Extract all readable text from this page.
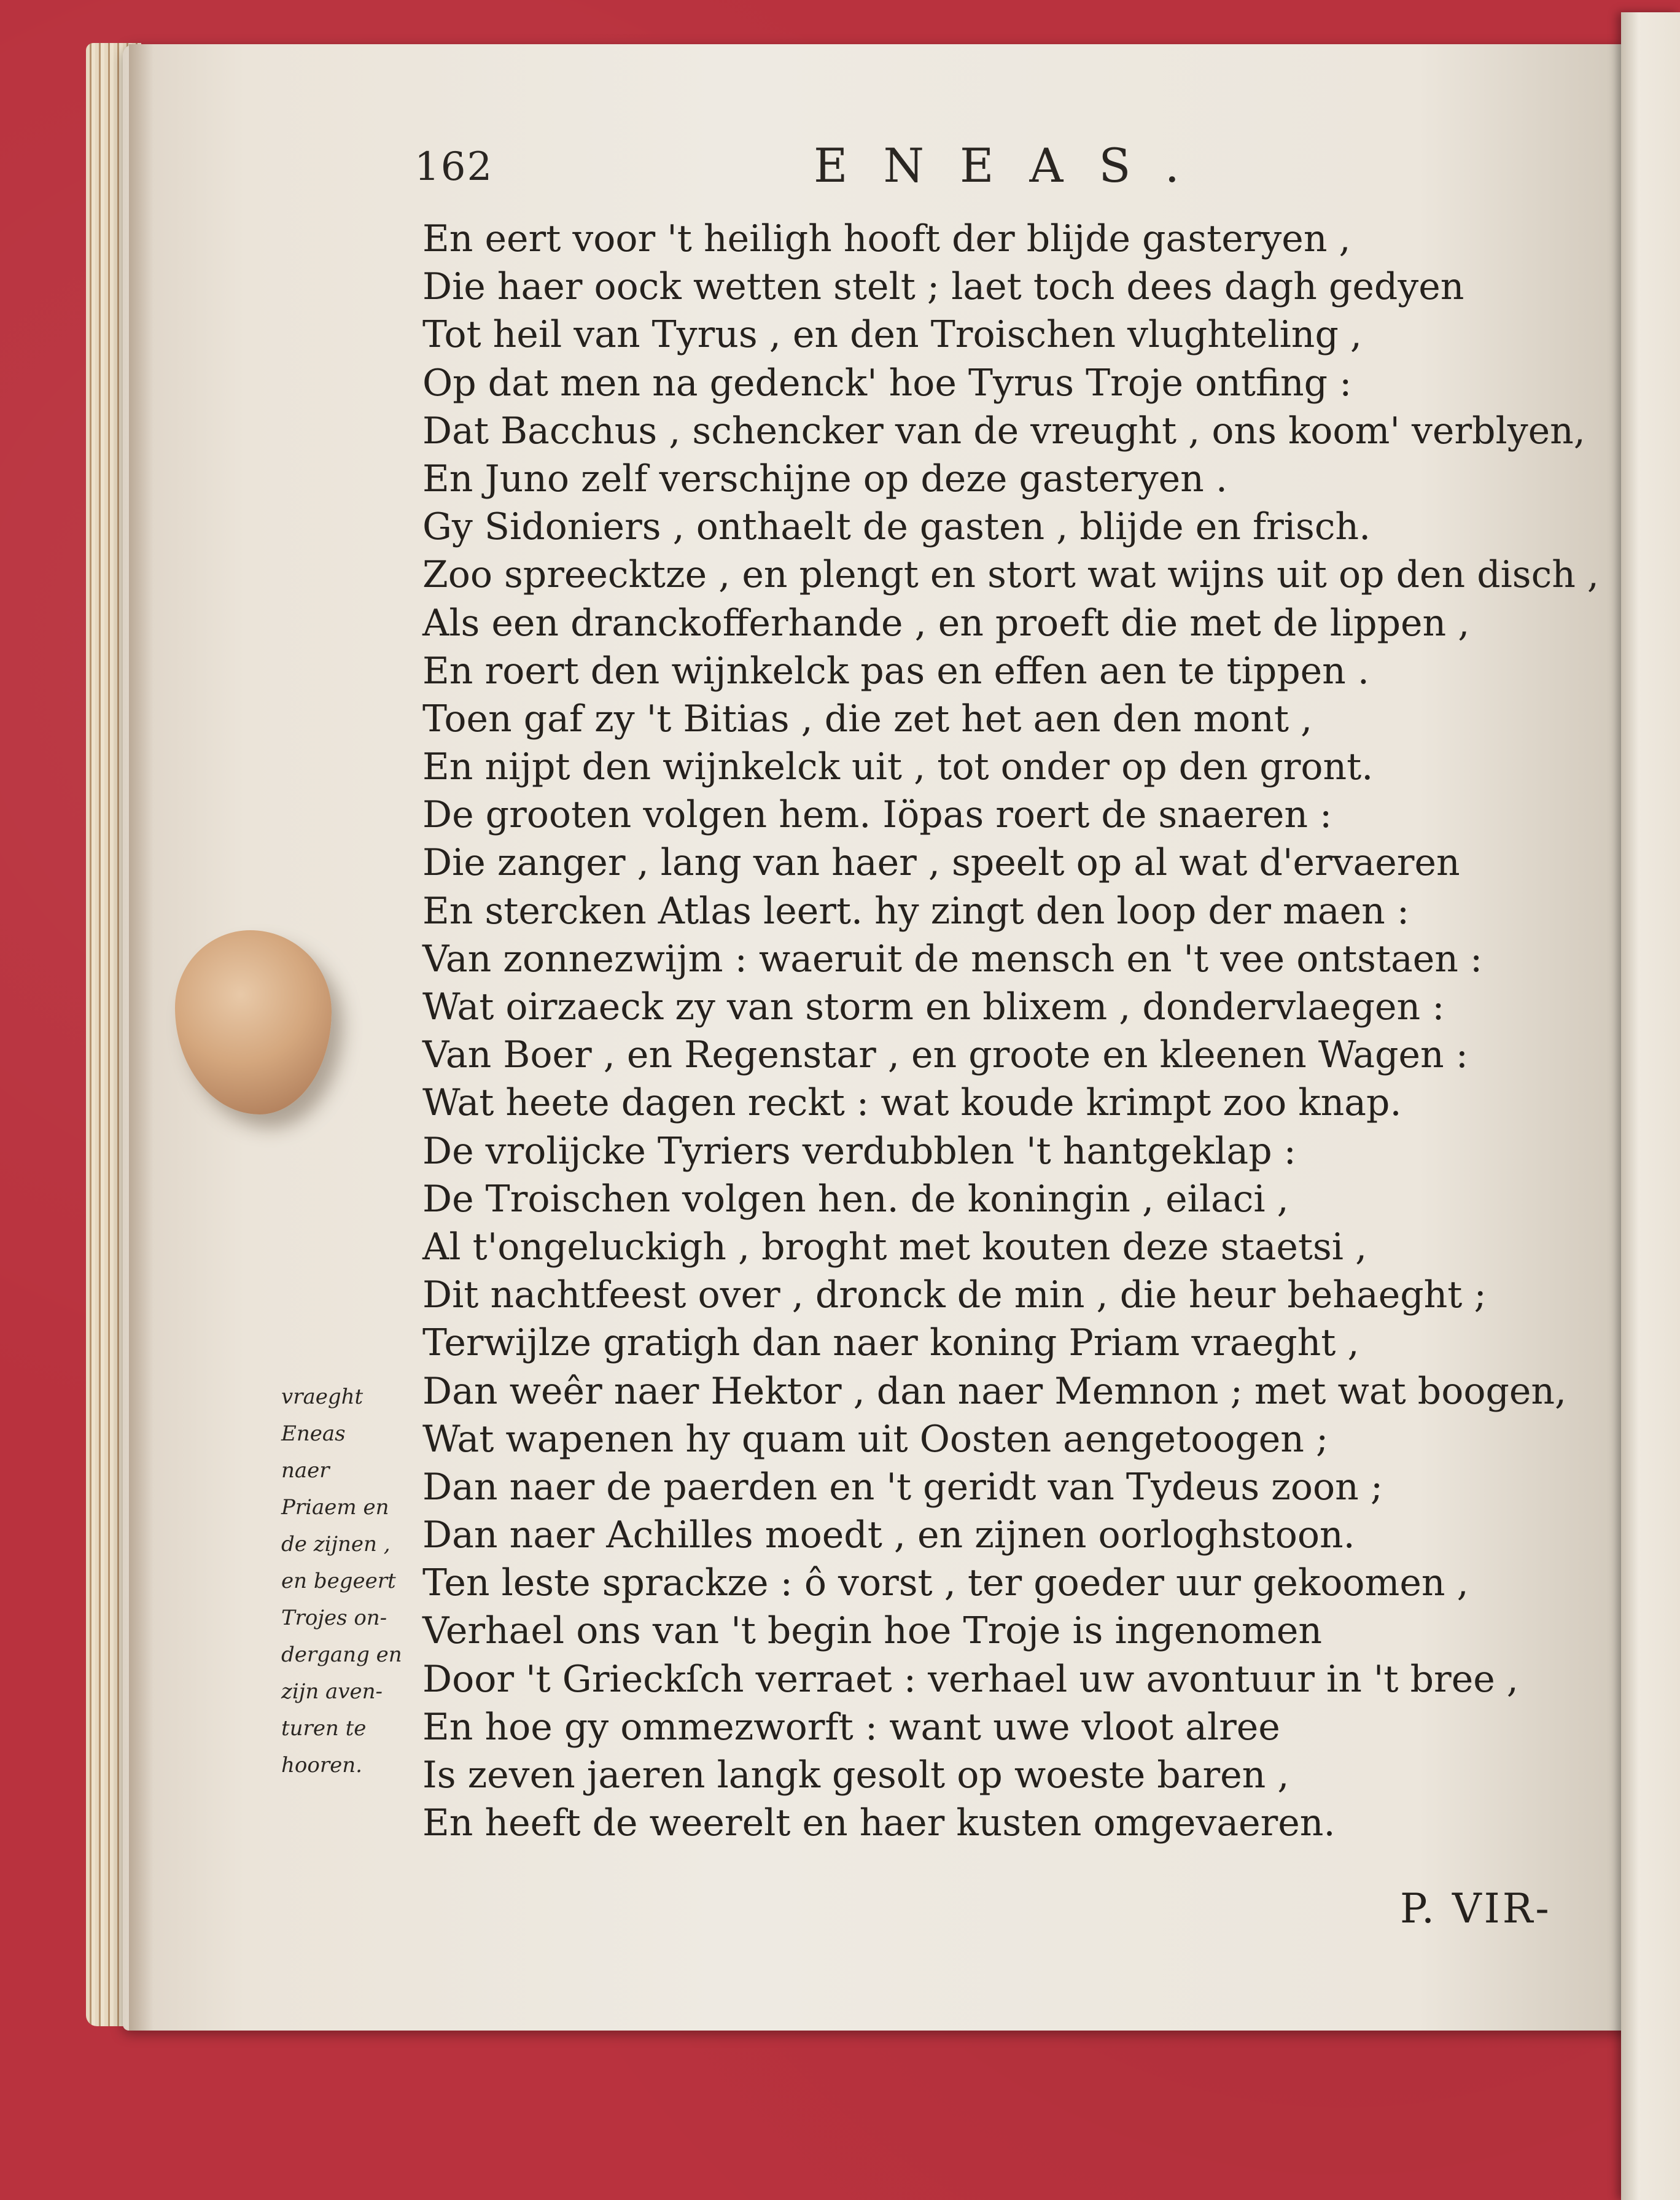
162	ENEAS.
En eert voor 't heiligh hooft der blijde gasteryen ,
Die haer oock wetten stelt ; laet toch dees dagh gedyen
Tot heil van Tyrus , en den Troischen vlughteling ,
Op dat men na gedenck' hoe Tyrus Troje ontfing :
Dat Bacchus , schencker van de vreught , ons koom' verblyen,
En Juno zelf verschijne op deze gasteryen .
Gy Sidoniers , onthaelt de gasten , blijde en frisch.
Zoo spreecktze , en plengt en stort wat wijns uit op den disch ,
Als een dranckofferhande , en proeft die met de lippen ,
En roert den wijnkelck pas en effen aen te tippen .
Toen gaf zy 't Bitias , die zet het aen den mont ,
En nijpt den wijnkelck uit , tot onder op den gront.
De grooten volgen hem. Iöpas roert de snaeren :
Die zanger , lang van haer , speelt op al wat d'ervaeren
En stercken Atlas leert. hy zingt den loop der maen :
Van zonnezwijm : waeruit de mensch en 't vee ontstaen :
Wat oirzaeck zy van storm en blixem , dondervlaegen :
Van Boer , en Regenstar , en groote en kleenen Wagen :
Wat heete dagen reckt : wat koude krimpt zoo knap.
De vrolijcke Tyriers verdubblen 't hantgeklap :
De Troischen volgen hen. de koningin , eilaci ,
Al t'ongeluckigh , broght met kouten deze staetsi ,
Dit nachtfeest over , dronck de min , die heur behaeght ;
Terwijlze gratigh dan naer koning Priam vraeght ,
Dan weêr naer Hektor , dan naer Memnon ; met wat boogen,
Wat wapenen hy quam uit Oosten aengetoogen ;
Dan naer de paerden en 't geridt van Tydeus zoon ;
Dan naer Achilles moedt , en zijnen oorloghstoon.
Ten leste sprackze : ô vorst , ter goeder uur gekoomen ,
Verhael ons van 't begin hoe Troje is ingenomen
Door 't Grieckſch verraet : verhael uw avontuur in 't bree ,
En hoe gy ommezworft : want uwe vloot alree
Is zeven jaeren langk gesolt op woeste baren ,
En heeft de weerelt en haer kusten omgevaeren.
vraeght
Eneas
naer
Priaem en
de zijnen ,
en begeert
Trojes on-
dergang en
zijn aven-
turen te
hooren.
P. VIR-
